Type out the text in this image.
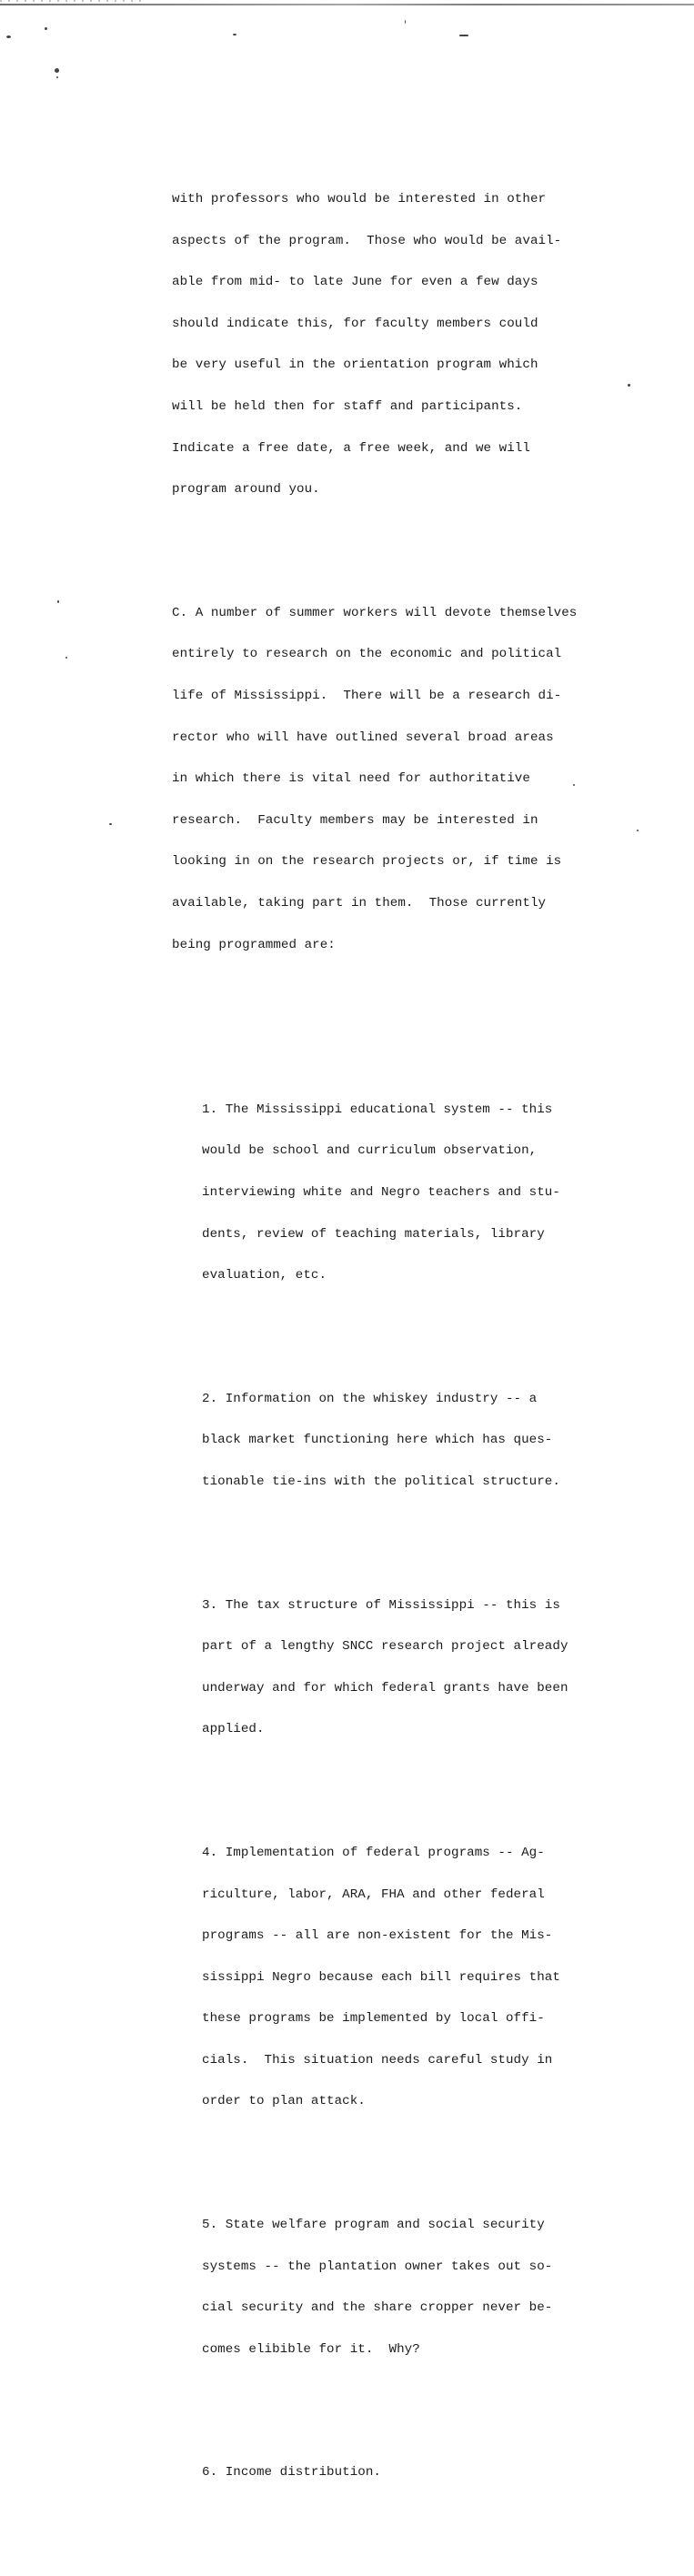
with professors who would be interested in other

aspects of the program.  Those who would be avail-

able from mid- to late June for even a few days

should indicate this, for faculty members could

be very useful in the orientation program which

will be held then for staff and participants.

Indicate a free date, a free week, and we will

program around you.

C. A number of summer workers will devote themselves

entirely to research on the economic and political

life of Mississippi.  There will be a research di-

rector who will have outlined several broad areas

in which there is vital need for authoritative

research.  Faculty members may be interested in

looking in on the research projects or, if time is

available, taking part in them.  Those currently

being programmed are:

1. The Mississippi educational system -- this

would be school and curriculum observation,

interviewing white and Negro teachers and stu-

dents, review of teaching materials, library

evaluation, etc.

2. Information on the whiskey industry -- a

black market functioning here which has ques-

tionable tie-ins with the political structure.

3. The tax structure of Mississippi -- this is

part of a lengthy SNCC research project already

underway and for which federal grants have been

applied.

4. Implementation of federal programs -- Ag-

riculture, labor, ARA, FHA and other federal

programs -- all are non-existent for the Mis-

sissippi Negro because each bill requires that

these programs be implemented by local offi-

cials.  This situation needs careful study in

order to plan attack.

5. State welfare program and social security

systems -- the plantation owner takes out so-

cial security and the share cropper never be-

comes elibible for it.  Why?

6. Income distribution.
